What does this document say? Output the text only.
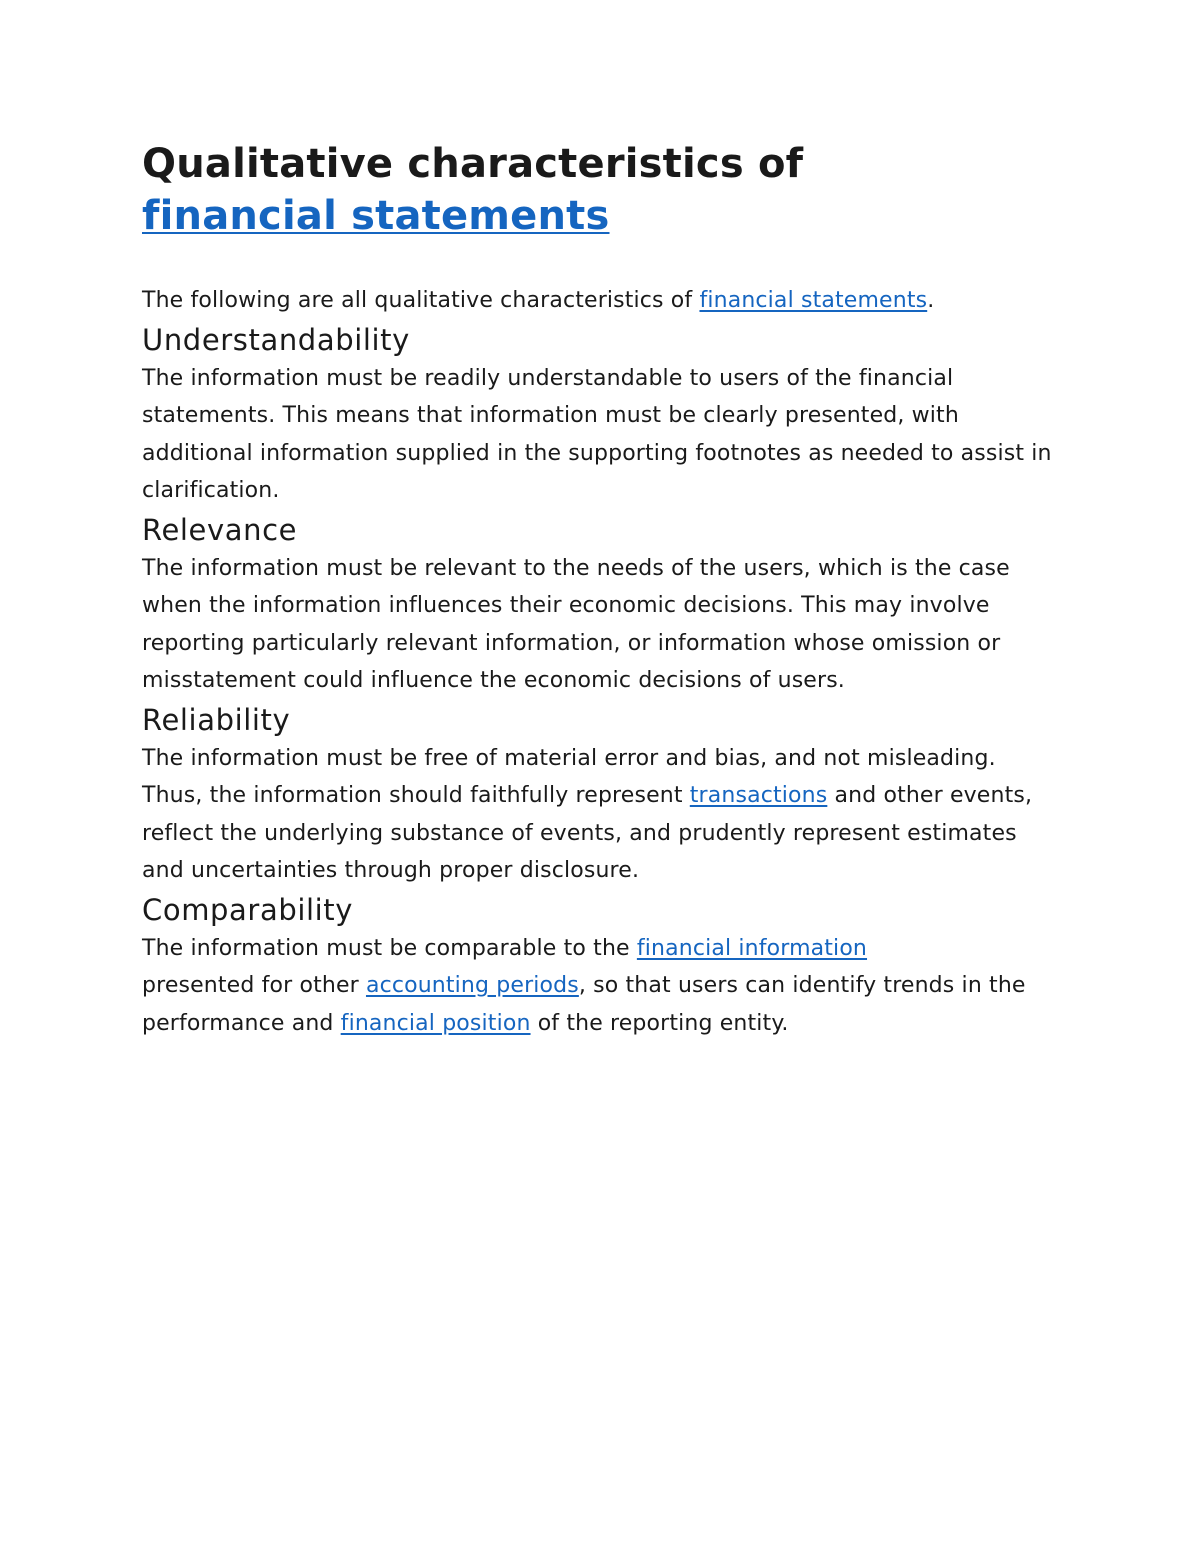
Qualitative characteristics of
financial statements

The following are all qualitative characteristics of financial statements.

Understandability

The information must be readily understandable to users of the financial statements. This means that information must be clearly presented, with additional information supplied in the supporting footnotes as needed to assist in clarification.

Relevance

The information must be relevant to the needs of the users, which is the case when the information influences their economic decisions. This may involve reporting particularly relevant information, or information whose omission or misstatement could influence the economic decisions of users.

Reliability

The information must be free of material error and bias, and not misleading. Thus, the information should faithfully represent transactions and other events, reflect the underlying substance of events, and prudently represent estimates and uncertainties through proper disclosure.

Comparability

The information must be comparable to the financial information
presented for other accounting periods, so that users can identify trends in the performance and financial position of the reporting entity.
